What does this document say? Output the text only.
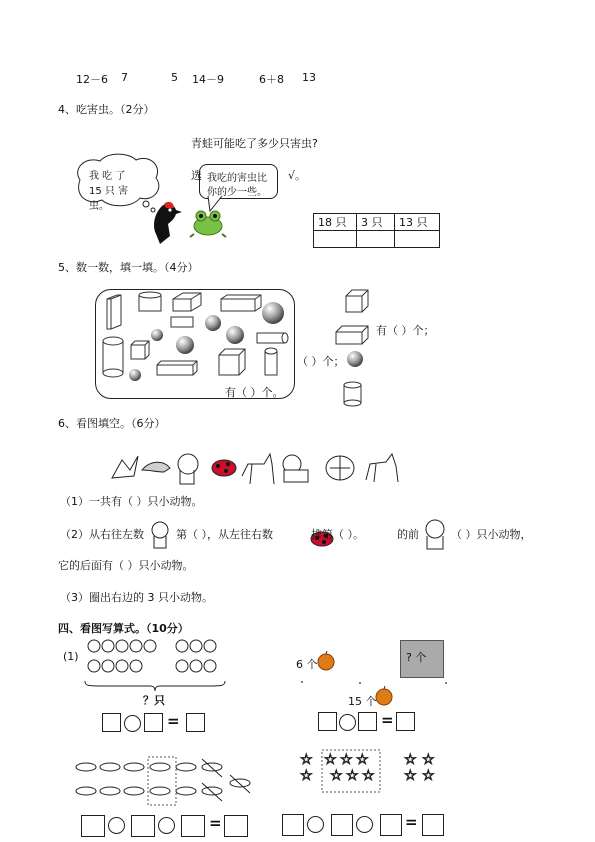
12－6 7	5 14－9	6＋8 13
4、吃害虫。（2分）
青蛙可能吃了多少只害虫?
我 吃 了
15 只 害
虫。
我吃的害虫比
你的少一些。
选	√。
18 只	3 只	13 只

5、数一数，填一填。（4分）
有（ ）个。
有（ ）个；
（ ）个；
6、看图填空。（6分）
（1）一共有（ ）只小动物。
（2）从右往左数	第（ ），从左往右数	排第（ ）。	的前	（ ）只小动物，
它的后面有（ ）只小动物。
（3）圈出右边的 3 只小动物。
四、看图写算式。（10分）
(1)
？只
=
6 个
? 个
15 个
=
☆
☆
☆ ☆ ☆
☆ ☆ ☆
☆ ☆
☆ ☆
=	=
